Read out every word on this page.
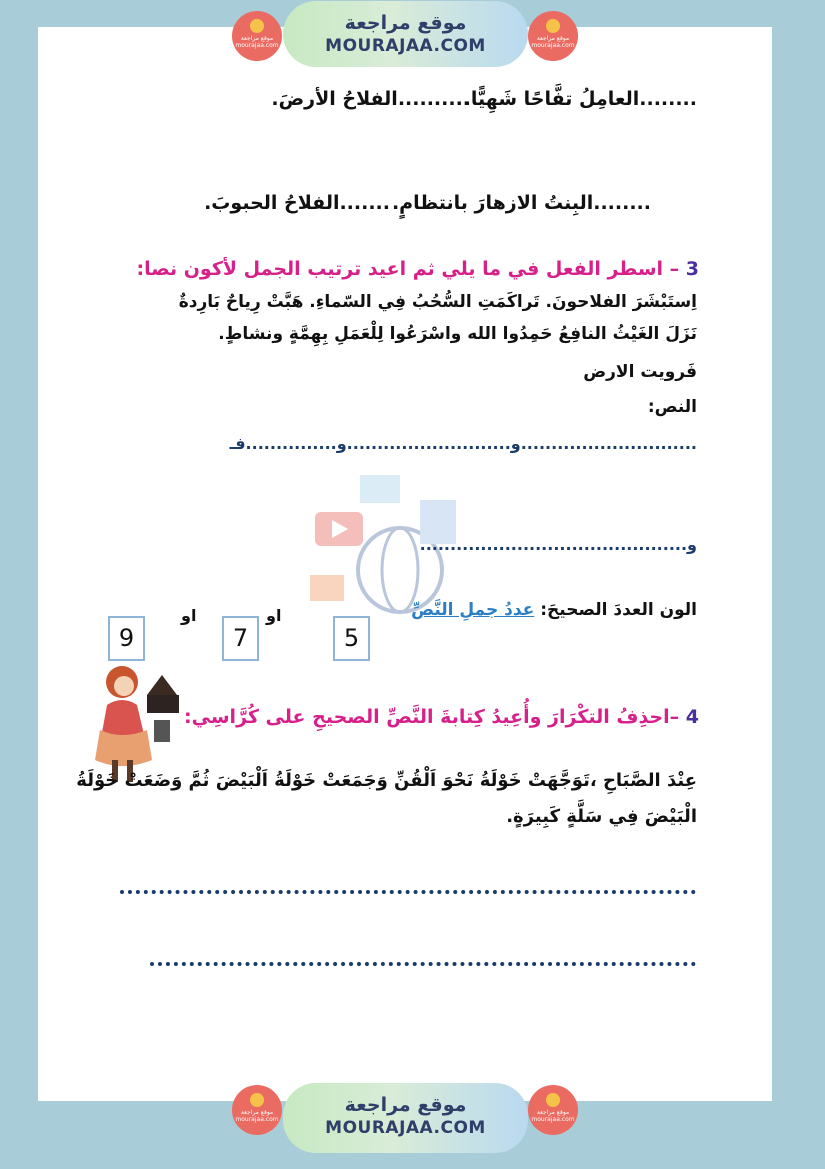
موقع مراجعة mourajaa.com
موقع مراجعة
MOURAJAA.COM	موقع مراجعة mourajaa.com
........العامِلُ تفَّاحًا شَهِيًّا.
..........الفلاحُ الأرضَ.
........البِنتُ الازهارَ بانتظامٍ.
.......الفلاحُ الحبوبَ.
3 – اسطر الفعل في ما يلي ثم اعيد ترتيب الجمل لأكون نصا:
اِستَبْشَرَ الفلاحونَ. تَراكَمَتِ السُّحُبُ فِي السّماءِ. هَبَّتْ رِياحٌ بَارِدةٌ
نَزَلَ الغَيْثُ النافِعُ حَمِدُوا الله واسْرَعُوا لِلْعَمَلِ بِهِمَّةٍ ونشاطٍ.
فَرويت الارض
النص:
.............................و...........................و...............فـ
و............................................
الون العددَ الصحيحَ: عددُ جملِ النَّصِّ
5
او
7
او
9
4 –احذِفُ التكْرَارَ وأُعِيدُ كِتابةَ النَّصِّ الصحيحِ على كُرَّاسِي:
عِنْدَ الصَّبَاحِ ،تَوَجَّهَتْ خَوْلَةُ نَحْوَ اَلْقُنِّ وَجَمَعَتْ خَوْلَةُ اَلْبَيْضَ ثُمَّ وَضَعَتْ خَوْلَةُ
الْبَيْضَ فِي سَلَّةٍ كَبِيرَةٍ.
موقع مراجعة mourajaa.com
موقع مراجعة
MOURAJAA.COM
موقع مراجعة mourajaa.com
